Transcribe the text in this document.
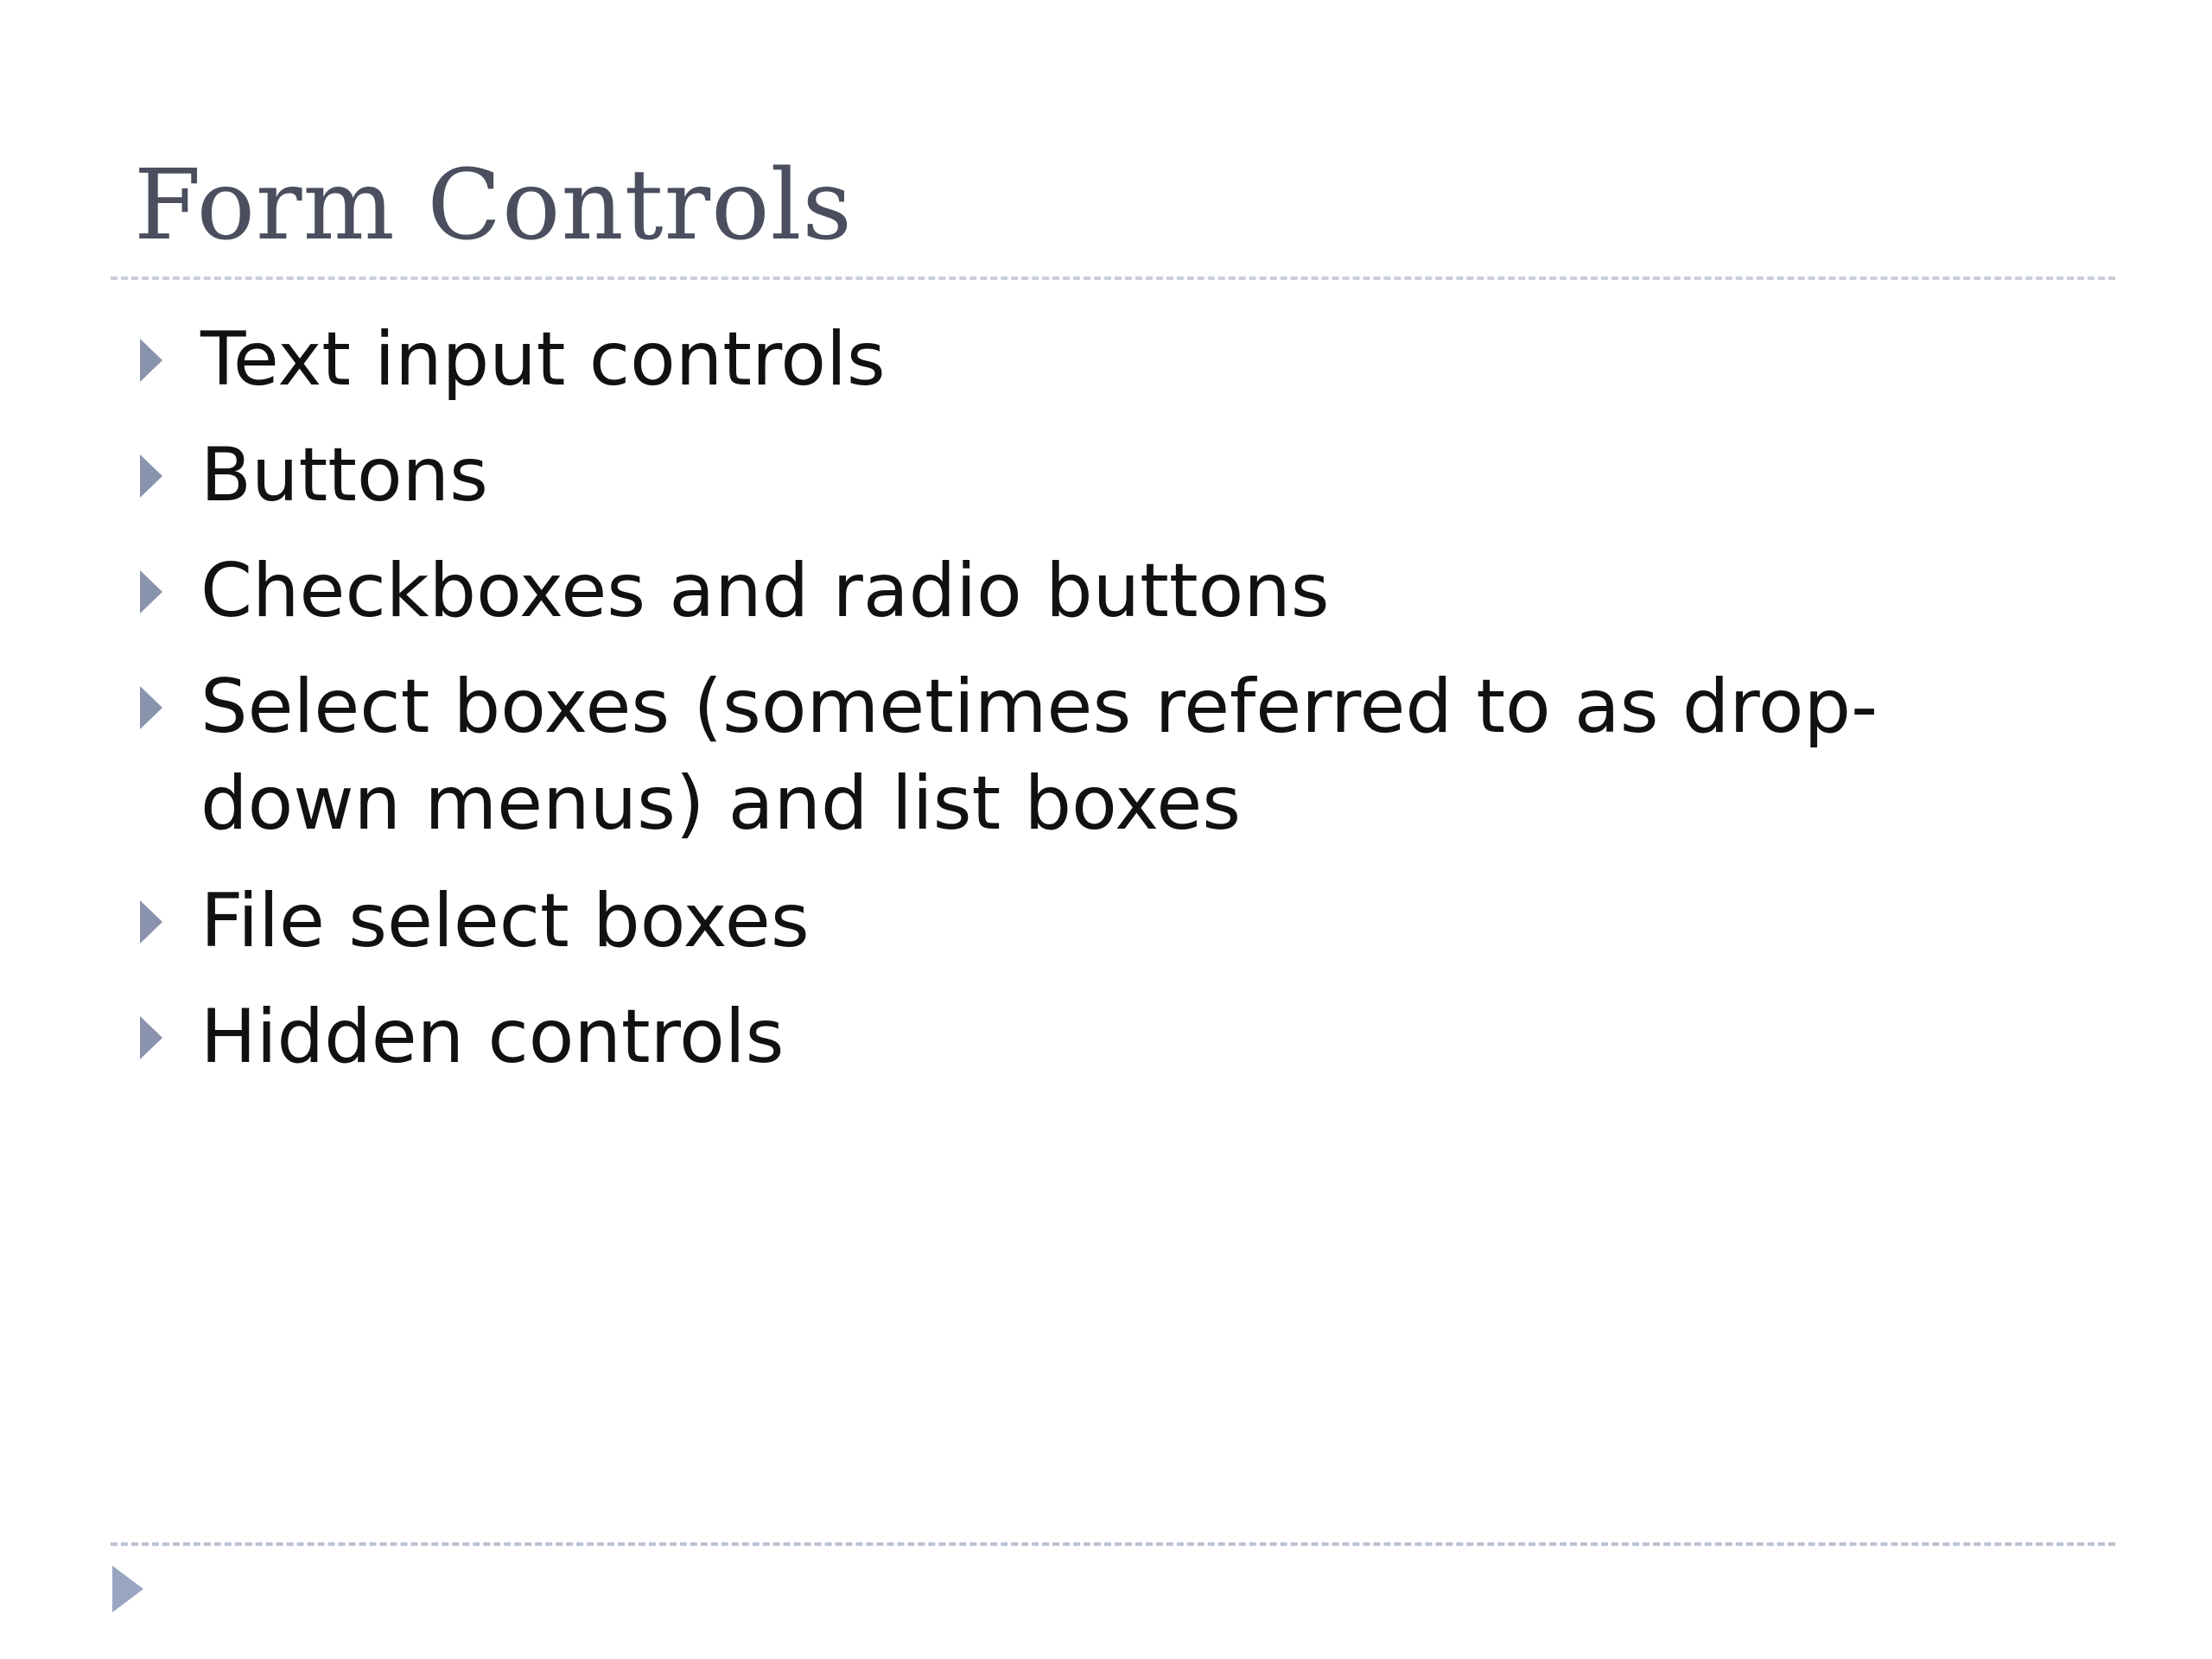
Form Controls
Text input controls
Buttons
Checkboxes and radio buttons
Select boxes (sometimes referred to as drop-down menus) and list boxes
File select boxes
Hidden controls
